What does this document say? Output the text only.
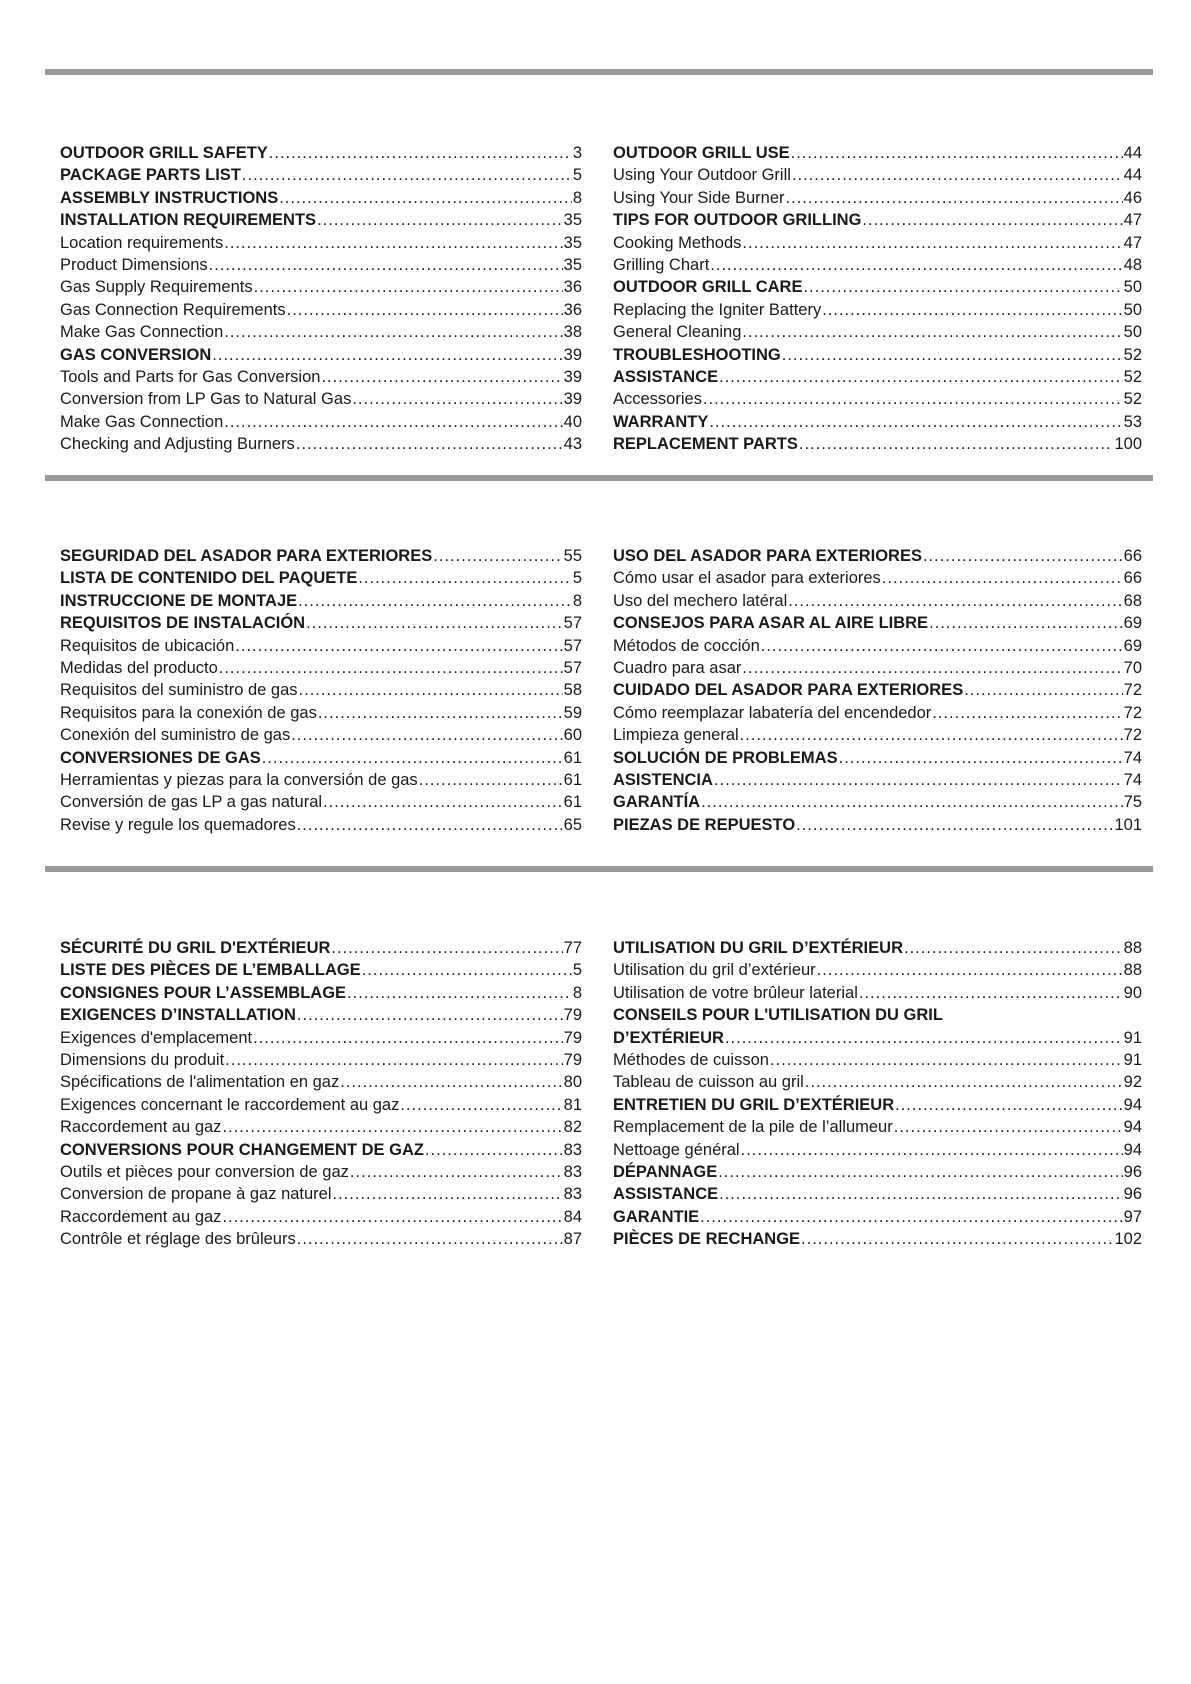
OUTDOOR GRILL SAFETY .....	3
PACKAGE PARTS LIST .....	5
ASSEMBLY INSTRUCTIONS .....	8
INSTALLATION REQUIREMENTS .....	35
Location requirements .....	35
Product Dimensions .....	35
Gas Supply Requirements .....	36
Gas Connection Requirements .....	36
Make Gas Connection .....	38
GAS CONVERSION .....	39
Tools and Parts for Gas Conversion .....	39
Conversion from LP Gas to Natural Gas .....	39
Make Gas Connection .....	40
Checking and Adjusting Burners .....	43
OUTDOOR GRILL USE .....	44
Using Your Outdoor Grill .....	44
Using Your Side Burner .....	46
TIPS FOR OUTDOOR GRILLING .....	47
Cooking Methods .....	47
Grilling Chart .....	48
OUTDOOR GRILL CARE .....	50
Replacing the Igniter Battery .....	50
General Cleaning .....	50
TROUBLESHOOTING .....	52
ASSISTANCE .....	52
Accessories .....	52
WARRANTY .....	53
REPLACEMENT PARTS .....	100
SEGURIDAD DEL ASADOR PARA EXTERIORES .....	55
LISTA DE CONTENIDO DEL PAQUETE .....	5
INSTRUCCIONE DE MONTAJE .....	8
REQUISITOS DE INSTALACIÓN .....	57
Requisitos de ubicación .....	57
Medidas del producto .....	57
Requisitos del suministro de gas .....	58
Requisitos para la conexión de gas .....	59
Conexión del suministro de gas .....	60
CONVERSIONES DE GAS .....	61
Herramientas y piezas para la conversión de gas .....	61
Conversión de gas LP a gas natural .....	61
Revise y regule los quemadores .....	65
USO DEL ASADOR PARA EXTERIORES .....	66
Cómo usar el asador para exteriores .....	66
Uso del mechero latéral .....	68
CONSEJOS PARA ASAR AL AIRE LIBRE .....	69
Métodos de cocción .....	69
Cuadro para asar .....	70
CUIDADO DEL ASADOR PARA EXTERIORES .....	72
Cómo reemplazar labatería del encendedor .....	72
Limpieza general .....	72
SOLUCIÓN DE PROBLEMAS .....	74
ASISTENCIA .....	74
GARANTÍA .....	75
PIEZAS DE REPUESTO .....	101
SÉCURITÉ DU GRIL D'EXTÉRIEUR .....	77
LISTE DES PIÈCES DE L’EMBALLAGE .....	5
CONSIGNES POUR L’ASSEMBLAGE .....	8
EXIGENCES D’INSTALLATION .....	79
Exigences d'emplacement .....	79
Dimensions du produit .....	79
Spécifications de l'alimentation en gaz .....	80
Exigences concernant le raccordement au gaz .....	81
Raccordement au gaz .....	82
CONVERSIONS POUR CHANGEMENT DE GAZ .....	83
Outils et pièces pour conversion de gaz .....	83
Conversion de propane à gaz naturel .....	83
Raccordement au gaz .....	84
Contrôle et réglage des brûleurs .....	87
UTILISATION DU GRIL D’EXTÉRIEUR .....	88
Utilisation du gril d’extérieur .....	88
Utilisation de votre brûleur laterial .....	90
CONSEILS POUR L'UTILISATION DU GRIL
D’EXTÉRIEUR .....	91
Méthodes de cuisson .....	91
Tableau de cuisson au gril .....	92
ENTRETIEN DU GRIL D’EXTÉRIEUR .....	94
Remplacement de la pile de l’allumeur .....	94
Nettoage général .....	94
DÉPANNAGE .....	96
ASSISTANCE .....	96
GARANTIE .....	97
PIÈCES DE RECHANGE .....	102
